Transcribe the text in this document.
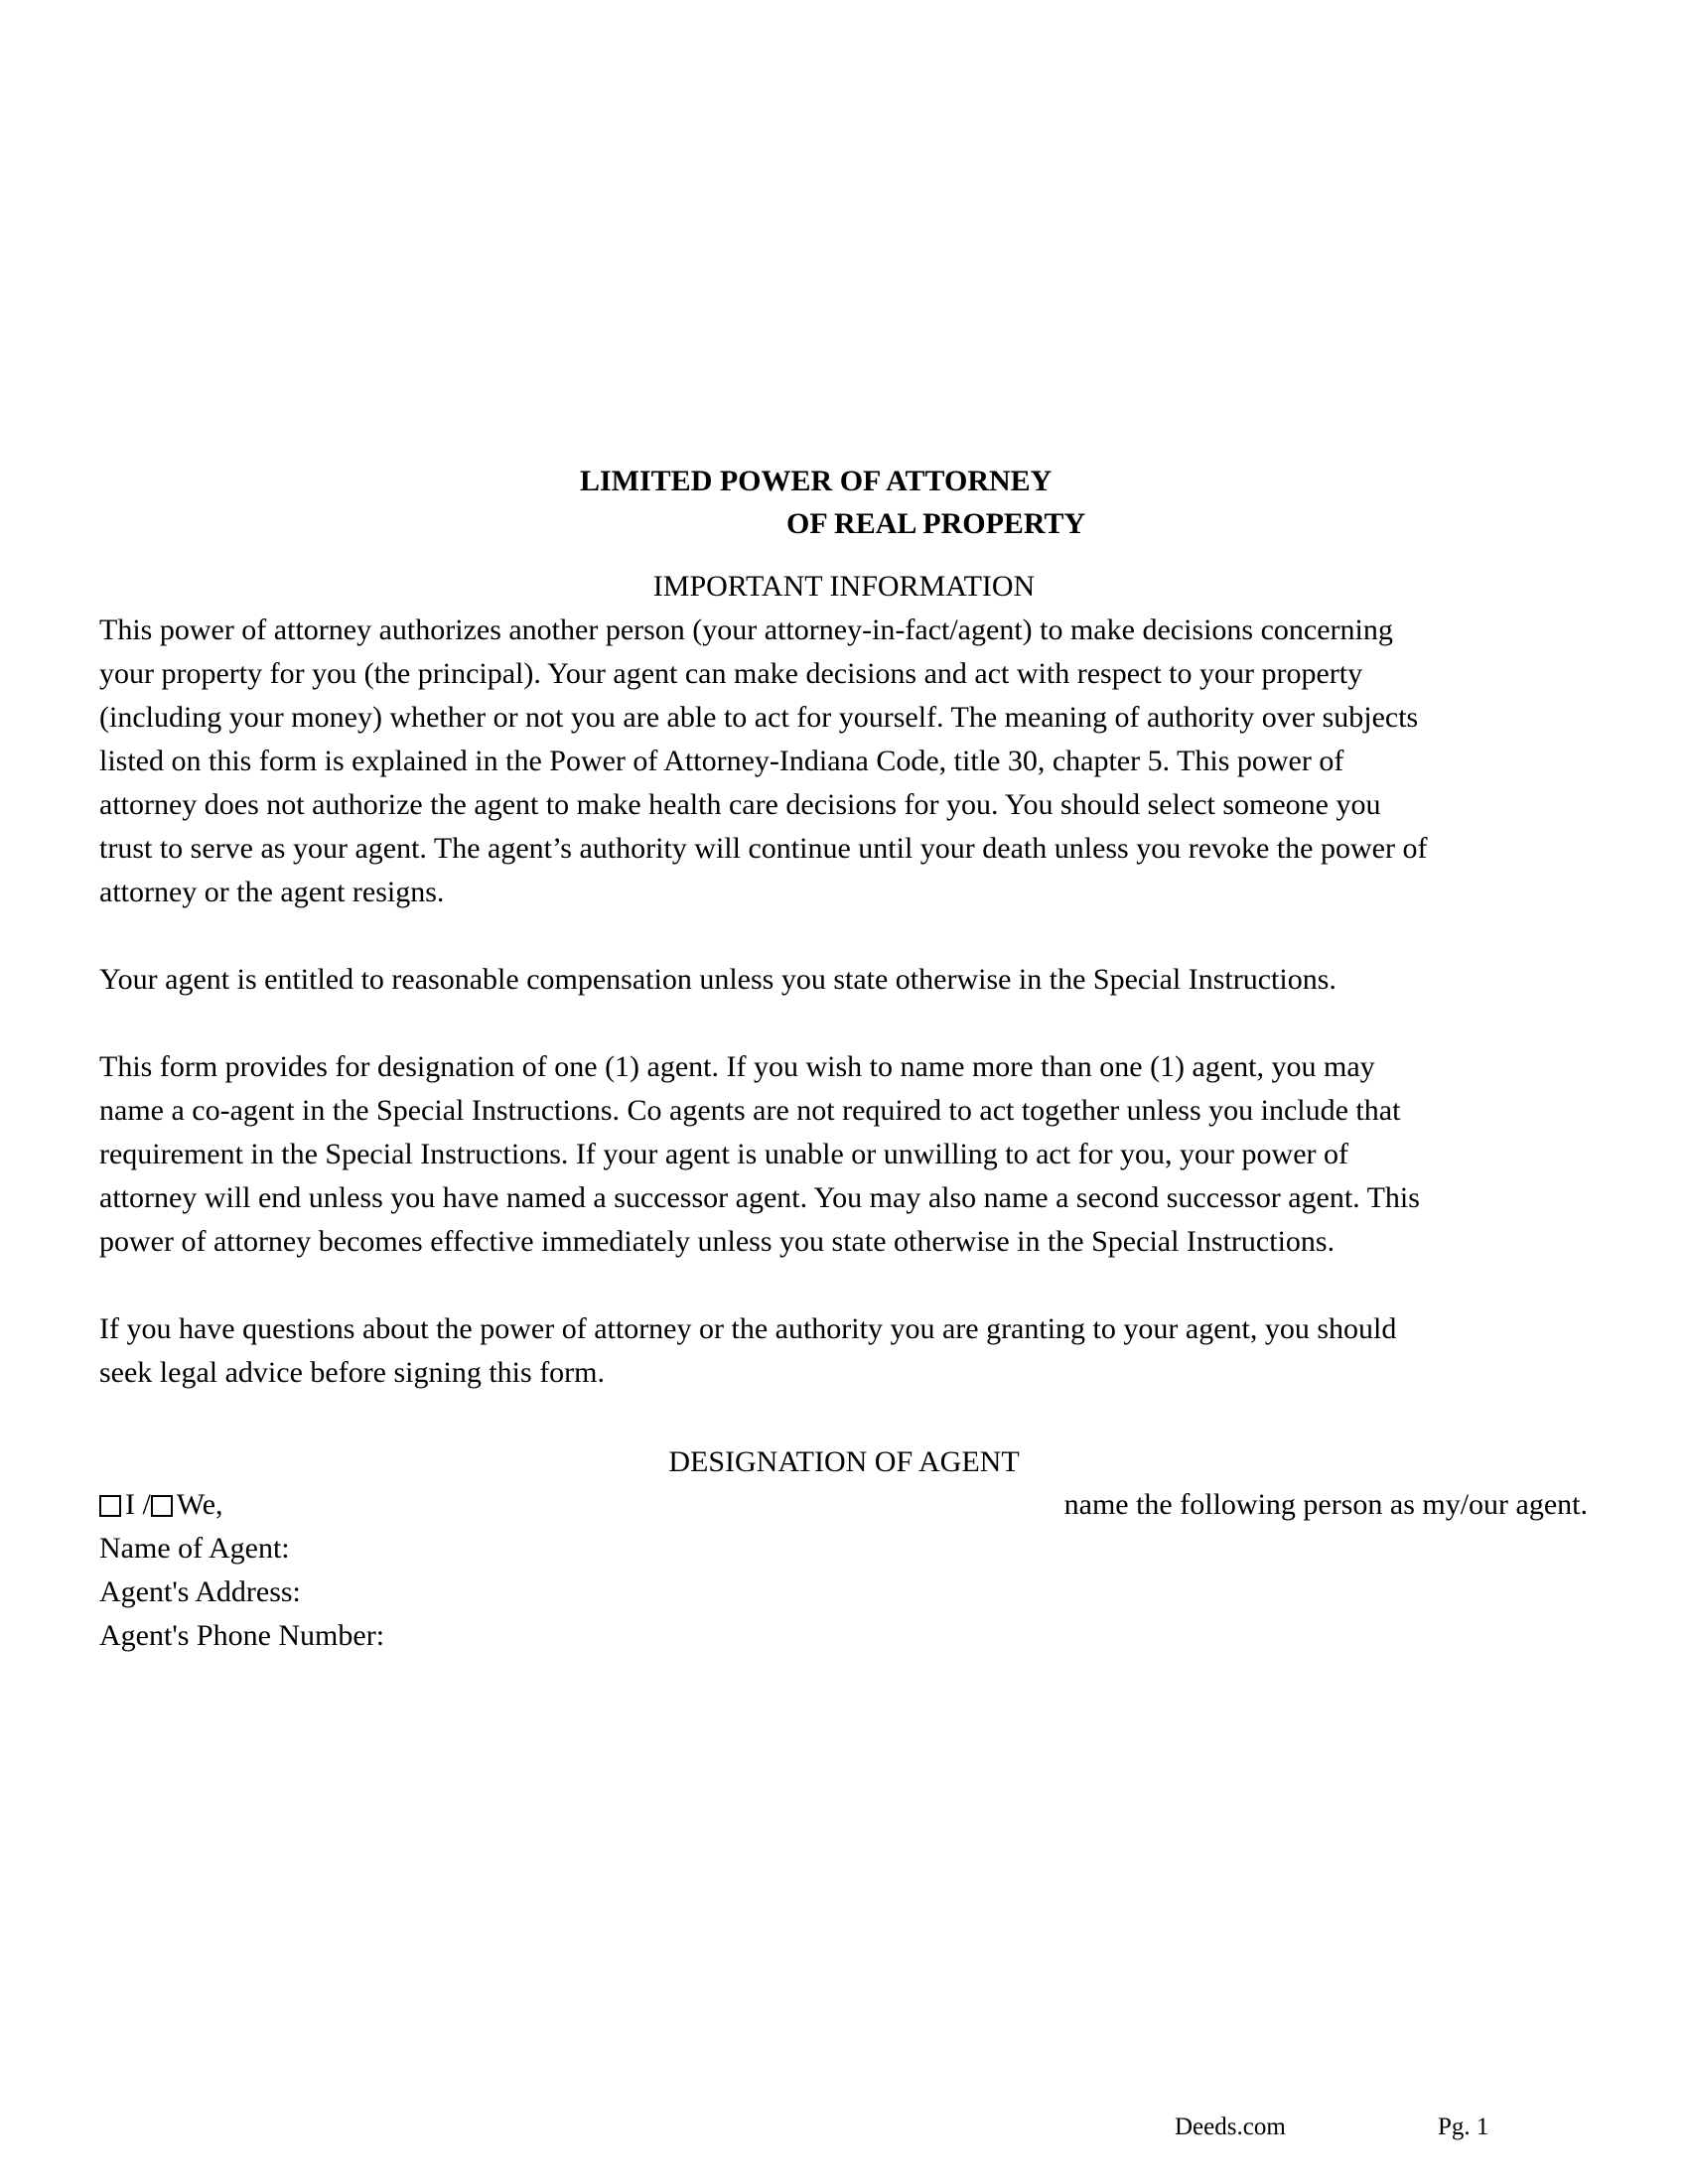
LIMITED POWER OF ATTORNEY
OF REAL PROPERTY
IMPORTANT INFORMATION
This power of attorney authorizes another person (your attorney-in-fact/agent) to make decisions concerning
your property for you (the principal). Your agent can make decisions and act with respect to your property
(including your money) whether or not you are able to act for yourself. The meaning of authority over subjects
listed on this form is explained in the Power of Attorney-Indiana Code, title 30, chapter 5. This power of
attorney does not authorize the agent to make health care decisions for you. You should select someone you
trust to serve as your agent. The agent’s authority will continue until your death unless you revoke the power of
attorney or the agent resigns.
Your agent is entitled to reasonable compensation unless you state otherwise in the Special Instructions.
This form provides for designation of one (1) agent. If you wish to name more than one (1) agent, you may
name a co-agent in the Special Instructions. Co agents are not required to act together unless you include that
requirement in the Special Instructions. If your agent is unable or unwilling to act for you, your power of
attorney will end unless you have named a successor agent. You may also name a second successor agent. This
power of attorney becomes effective immediately unless you state otherwise in the Special Instructions.
If you have questions about the power of attorney or the authority you are granting to your agent, you should
seek legal advice before signing this form.
DESIGNATION OF AGENT
I / We,	name the following person as my/our agent.
Name of Agent:
Agent's Address:
Agent's Phone Number:
Deeds.com	Pg. 1
